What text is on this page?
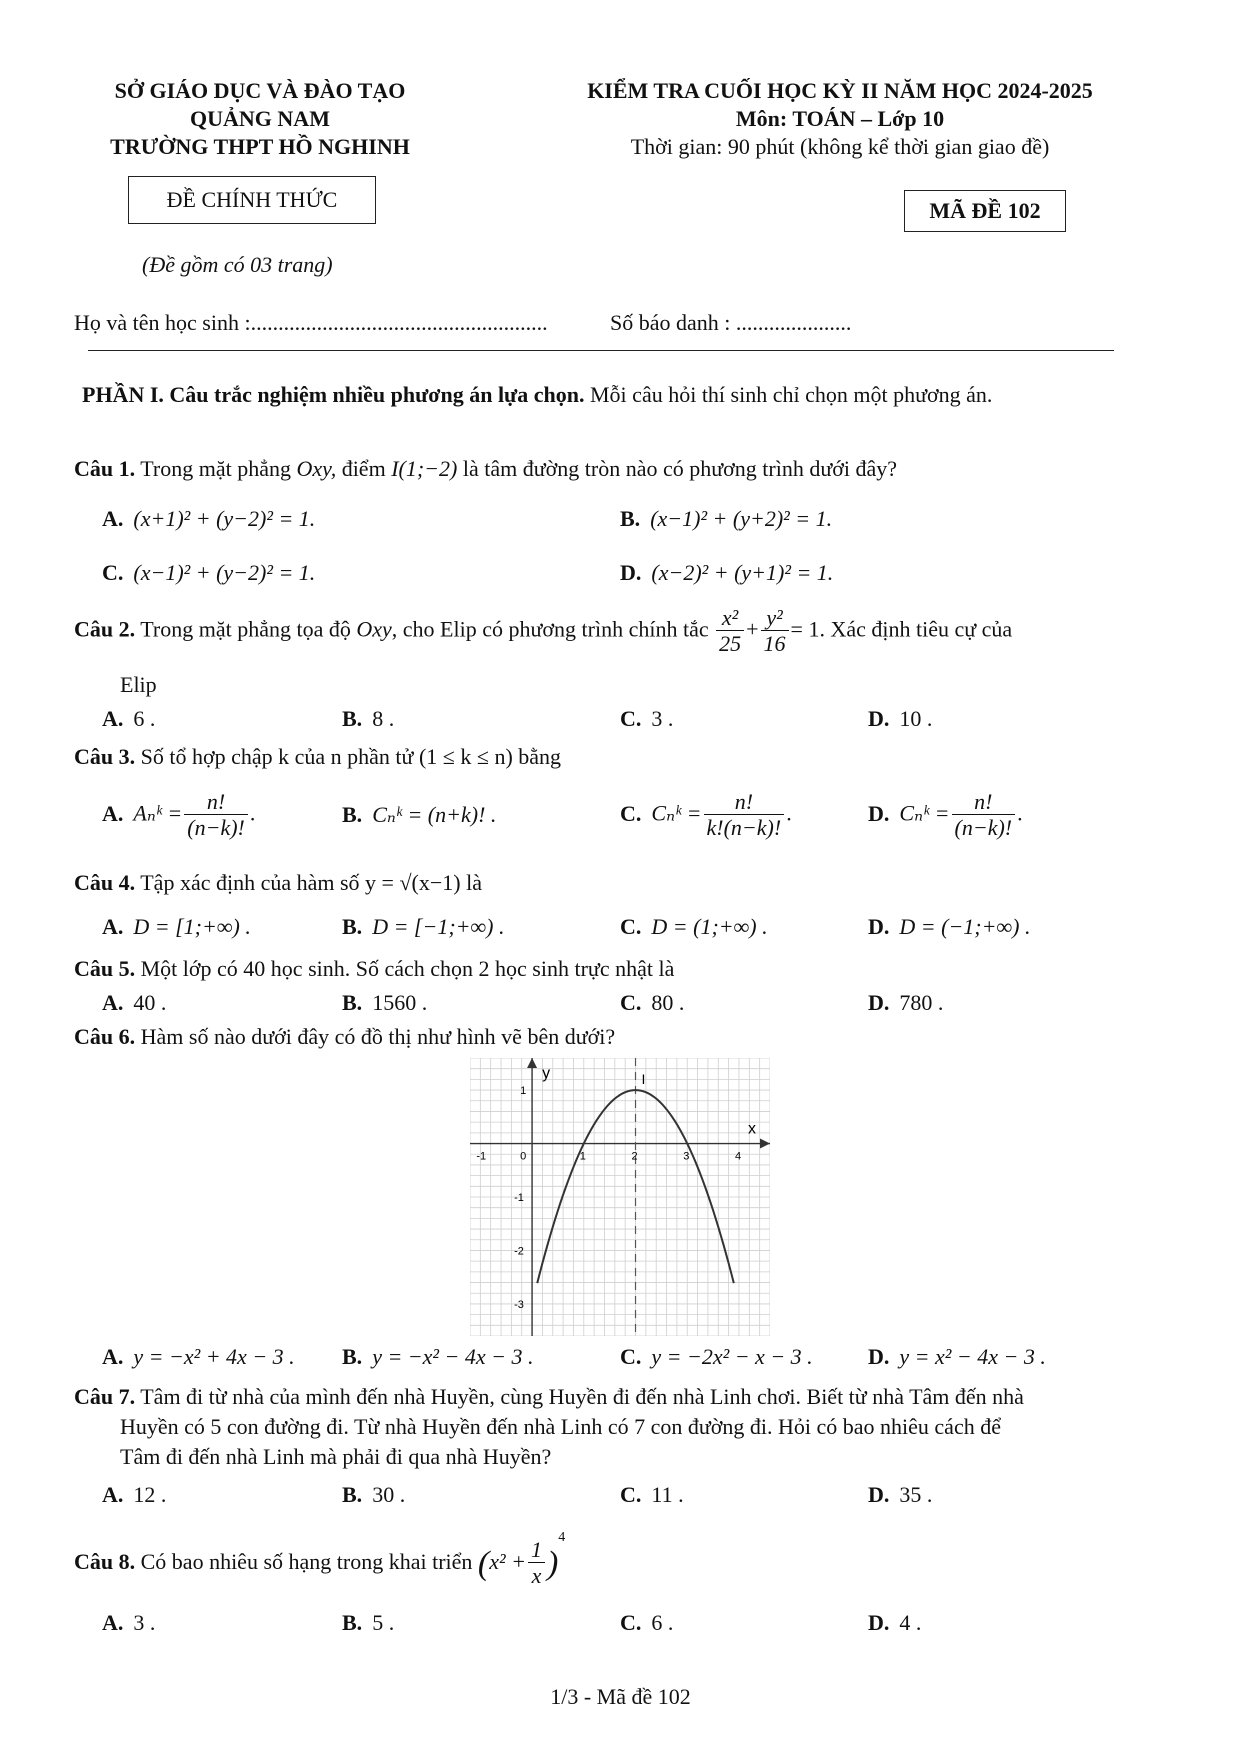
SỞ GIÁO DỤC VÀ ĐÀO TẠO
QUẢNG NAM
TRƯỜNG THPT HỒ NGHINH
KIỂM TRA CUỐI HỌC KỲ II NĂM HỌC 2024-2025
Môn: TOÁN – Lớp 10
Thời gian: 90 phút (không kể thời gian giao đề)
ĐỀ CHÍNH THỨC	MÃ ĐỀ 102
(Đề gồm có 03 trang)
Họ và tên học sinh :......................................................	Số báo danh : .....................
PHẦN I. Câu trắc nghiệm nhiều phương án lựa chọn. Mỗi câu hỏi thí sinh chỉ chọn một phương án.
Câu 1. Trong mặt phẳng Oxy, điểm I(1;−2) là tâm đường tròn nào có phương trình dưới đây?
A. (x+1)² + (y−2)² = 1.	B. (x−1)² + (y+2)² = 1.
C. (x−1)² + (y−2)² = 1.	D. (x−2)² + (y+1)² = 1.
Câu 2. Trong mặt phẳng tọa độ Oxy, cho Elip có phương trình chính tắc $\frac{\text{x²}}{25} + \frac{\text{y²}}{16} = 1$. Xác định tiêu cự của
Elip
A. 6 .	B. 8 .	C. 3 .	D. 10 .
Câu 3. Số tổ hợp chập k của n phần tử (1 ≤ k ≤ n) bằng
A. Aₙᵏ = $\frac{n!}{(n-k)!}$ .	B. Cₙᵏ = (n+k)! .	C. Cₙᵏ = $\frac{n!}{k!(n-k)!}$ .	D. Cₙᵏ = $\frac{n!}{(n-k)!}$ .
Câu 4. Tập xác định của hàm số y = √(x−1) là
A. D = [1;+∞) .	B. D = [−1;+∞) .	C. D = (1;+∞) .	D. D = (−1;+∞) .
Câu 5. Một lớp có 40 học sinh. Số cách chọn 2 học sinh trực nhật là
A. 40 .	B. 1560 .	C. 80 .	D. 780 .
Câu 6. Hàm số nào dưới đây có đồ thị như hình vẽ bên dưới?
x
y
-1	0	1	2	3	4
1
-1
-2
-3
I
A. y = −x² + 4x − 3 . B. y = −x² − 4x − 3 .	C. y = −2x² − x − 3 .	D. y = x² − 4x − 3 .
Câu 7. Tâm đi từ nhà của mình đến nhà Huyền, cùng Huyền đi đến nhà Linh chơi. Biết từ nhà Tâm đến nhà
Huyền có 5 con đường đi. Từ nhà Huyền đến nhà Linh có 7 con đường đi. Hỏi có bao nhiêu cách để
Tâm đi đến nhà Linh mà phải đi qua nhà Huyền?
A. 12 .	B. 30 .	C. 11 .	D. 35 .
Câu 8. Có bao nhiêu số hạng trong khai triển $(x^2 + \frac{1}{x} )^4$
A. 3 .	B. 5 .	C. 6 .	D. 4 .
1/3 - Mã đề 102
